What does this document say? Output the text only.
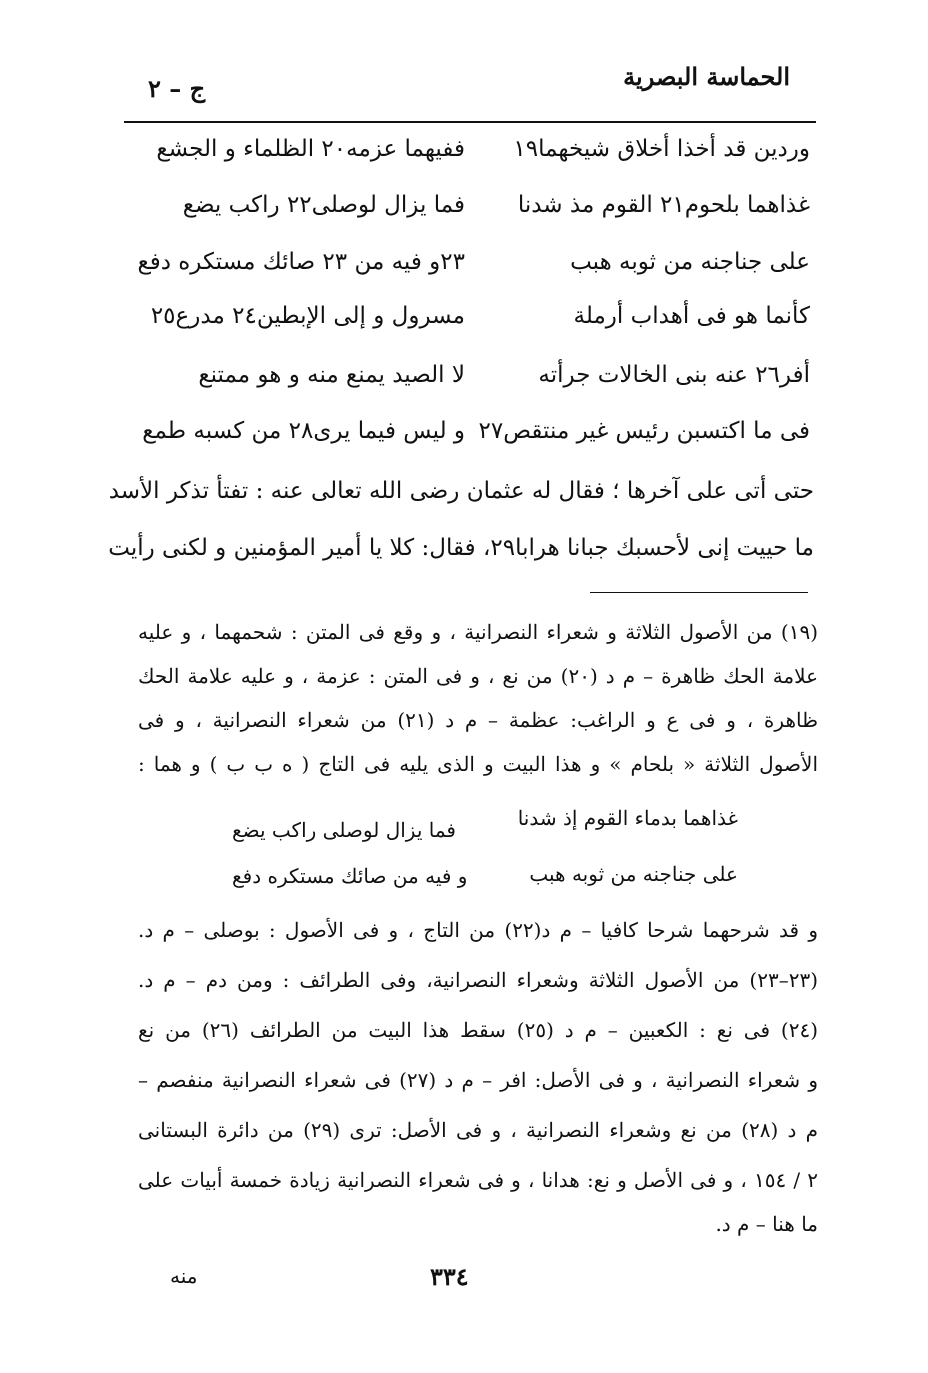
الحماسة البصرية
ج – ٢
وردين قد أخذا أخلاق شيخهما١٩
ففيهما عزمه٢٠ الظلماء و الجشع
غذاهما بلحوم٢١ القوم مذ شدنا
فما يزال لوصلى٢٢ راكب يضع
على جناجنه من ثوبه هبب
٢٣و فيه من ٢٣ صائك مستكره دفع
كأنما هو فى أهداب أرملة
مسرول و إلى الإبطين٢٤ مدرع٢٥
أفر٢٦ عنه بنى الخالات جرأته
لا الصيد يمنع منه و هو ممتنع
فى ما اكتسبن رئيس غير منتقص٢٧
و ليس فيما يرى٢٨ من كسبه طمع
حتى أتى على آخرها ؛ فقال له عثمان رضى الله تعالى عنه : تفتأ تذكر الأسد
ما حييت إنى لأحسبك جبانا هرابا٢٩، فقال: كلا يا أمير المؤمنين و لكنى رأيت
(١٩) من الأصول الثلاثة و شعراء النصرانية ، و وقع فى المتن : شحمهما ، و عليه
علامة الحك ظاهرة – م د (٢٠) من نع ، و فى المتن : عزمة ، و عليه علامة الحك
ظاهرة ، و فى ع و الراغب: عظمة – م د (٢١) من شعراء النصرانية ، و فى
الأصول الثلاثة « بلحام » و هذا البيت و الذى يليه فى التاج ( ه ب ب ) و هما :
غذاهما بدماء القوم إذ شدنا
فما يزال لوصلى راكب يضع
على جناجنه من ثوبه هبب
و فيه من صائك مستكره دفع
و قد شرحهما شرحا كافيا – م د(٢٢) من التاج ، و فى الأصول : بوصلى – م د.
(٢٣–٢٣) من الأصول الثلاثة وشعراء النصرانية، وفى الطرائف : ومن دم – م د.
(٢٤) فى نع : الكعبين – م د (٢٥) سقط هذا البيت من الطرائف (٢٦) من نع
و شعراء النصرانية ، و فى الأصل: افر – م د (٢٧) فى شعراء النصرانية منفصم –
م د (٢٨) من نع وشعراء النصرانية ، و فى الأصل: ترى (٢٩) من دائرة البستانى
٢ / ١٥٤ ، و فى الأصل و نع: هدانا ، و فى شعراء النصرانية زيادة خمسة أبيات على
ما هنا – م د.
٣٣٤
منه
